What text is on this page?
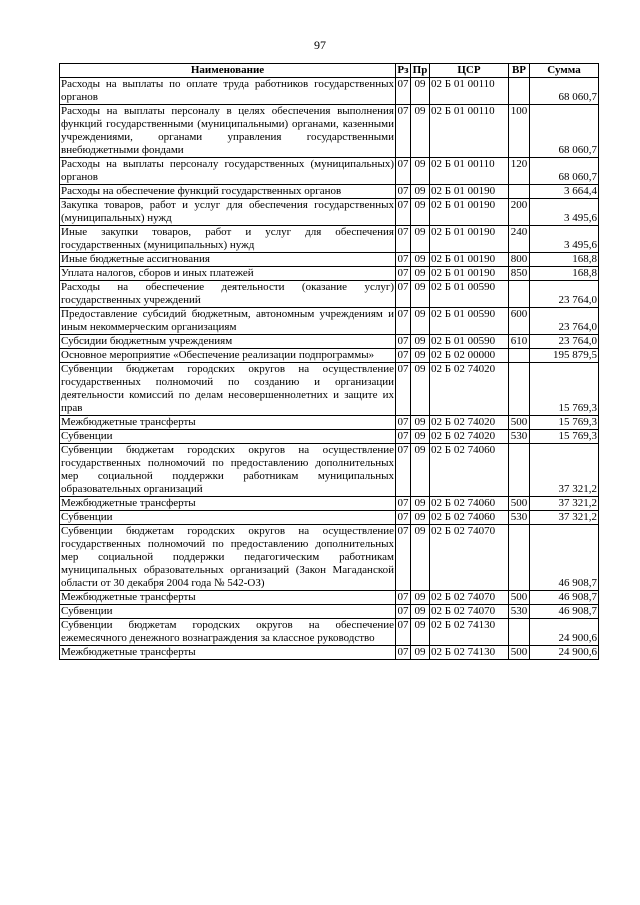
97
Наименование	Рз	Пр	ЦСР	ВР	Сумма
Расходы на выплаты по оплате труда работников государственных органов	07	09	02 Б 01 00110		68 060,7
Расходы на выплаты персоналу в целях обеспечения выполнения функций государственными (муниципальными) органами, казенными учреждениями, органами управления государственными внебюджетными фондами	07	09	02 Б 01 00110	100	68 060,7
Расходы на выплаты персоналу государственных (муниципальных) органов	07	09	02 Б 01 00110	120	68 060,7
Расходы на обеспечение функций государственных органов	07	09	02 Б 01 00190		3 664,4
Закупка товаров, работ и услуг для обеспечения государственных (муниципальных) нужд	07	09	02 Б 01 00190	200	3 495,6
Иные закупки товаров, работ и услуг для обеспечения государственных (муниципальных) нужд	07	09	02 Б 01 00190	240	3 495,6
Иные бюджетные ассигнования	07	09	02 Б 01 00190	800	168,8
Уплата налогов, сборов и иных платежей	07	09	02 Б 01 00190	850	168,8
Расходы на обеспечение деятельности (оказание услуг) государственных учреждений	07	09	02 Б 01 00590		23 764,0
Предоставление субсидий бюджетным, автономным учреждениям и иным некоммерческим организациям	07	09	02 Б 01 00590	600	23 764,0
Субсидии бюджетным учреждениям	07	09	02 Б 01 00590	610	23 764,0
Основное мероприятие «Обеспечение реализации подпрограммы»	07	09	02 Б 02 00000		195 879,5
Субвенции бюджетам городских округов на осуществление государственных полномочий по созданию и организации деятельности комиссий по делам несовершеннолетних и защите их прав	07	09	02 Б 02 74020		15 769,3
Межбюджетные трансферты	07	09	02 Б 02 74020	500	15 769,3
Субвенции	07	09	02 Б 02 74020	530	15 769,3
Субвенции бюджетам городских округов на осуществление государственных полномочий по предоставлению дополнительных мер социальной поддержки работникам муниципальных образовательных организаций	07	09	02 Б 02 74060		37 321,2
Межбюджетные трансферты	07	09	02 Б 02 74060	500	37 321,2
Субвенции	07	09	02 Б 02 74060	530	37 321,2
Субвенции бюджетам городских округов на осуществление государственных полномочий по предоставлению дополнительных мер социальной поддержки педагогическим работникам муниципальных образовательных организаций (Закон Магаданской области от 30 декабря 2004 года № 542-ОЗ)	07	09	02 Б 02 74070		46 908,7
Межбюджетные трансферты	07	09	02 Б 02 74070	500	46 908,7
Субвенции	07	09	02 Б 02 74070	530	46 908,7
Субвенции бюджетам городских округов на обеспечение ежемесячного денежного вознаграждения за классное руководство	07	09	02 Б 02 74130		24 900,6
Межбюджетные трансферты	07	09	02 Б 02 74130	500	24 900,6
